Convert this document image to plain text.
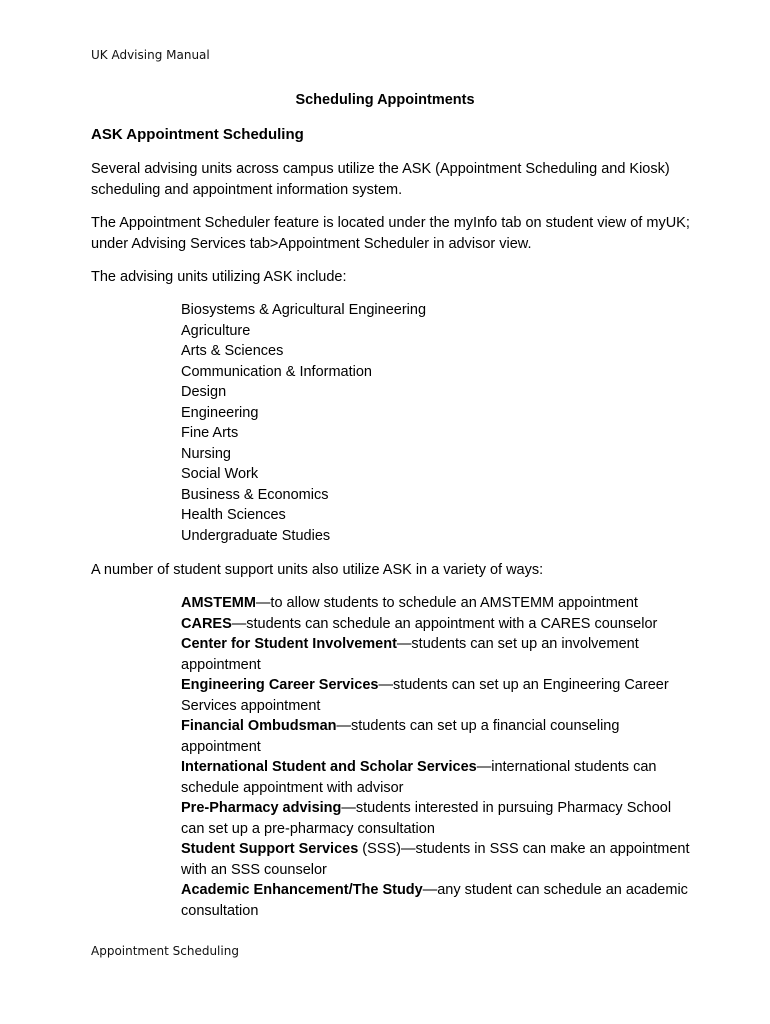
UK Advising Manual
Scheduling Appointments
ASK Appointment Scheduling

Several advising units across campus utilize the ASK (Appointment Scheduling and Kiosk) scheduling and appointment information system.

The Appointment Scheduler feature is located under the myInfo tab on student view of myUK; under Advising Services tab>Appointment Scheduler in advisor view.

The advising units utilizing ASK include:

Biosystems & Agricultural Engineering
Agriculture
Arts & Sciences
Communication & Information
Design
Engineering
Fine Arts
Nursing
Social Work
Business & Economics
Health Sciences
Undergraduate Studies

A number of student support units also utilize ASK in a variety of ways:

AMSTEMM—to allow students to schedule an AMSTEMM appointment
CARES—students can schedule an appointment with a CARES counselor
Center for Student Involvement—students can set up an involvement appointment
Engineering Career Services—students can set up an Engineering Career Services appointment
Financial Ombudsman—students can set up a financial counseling appointment
International Student and Scholar Services—international students can schedule appointment with advisor
Pre-Pharmacy advising—students interested in pursuing Pharmacy School can set up a pre-pharmacy consultation
Student Support Services (SSS)—students in SSS can make an appointment with an SSS counselor
Academic Enhancement/The Study—any student can schedule an academic consultation
Appointment Scheduling
